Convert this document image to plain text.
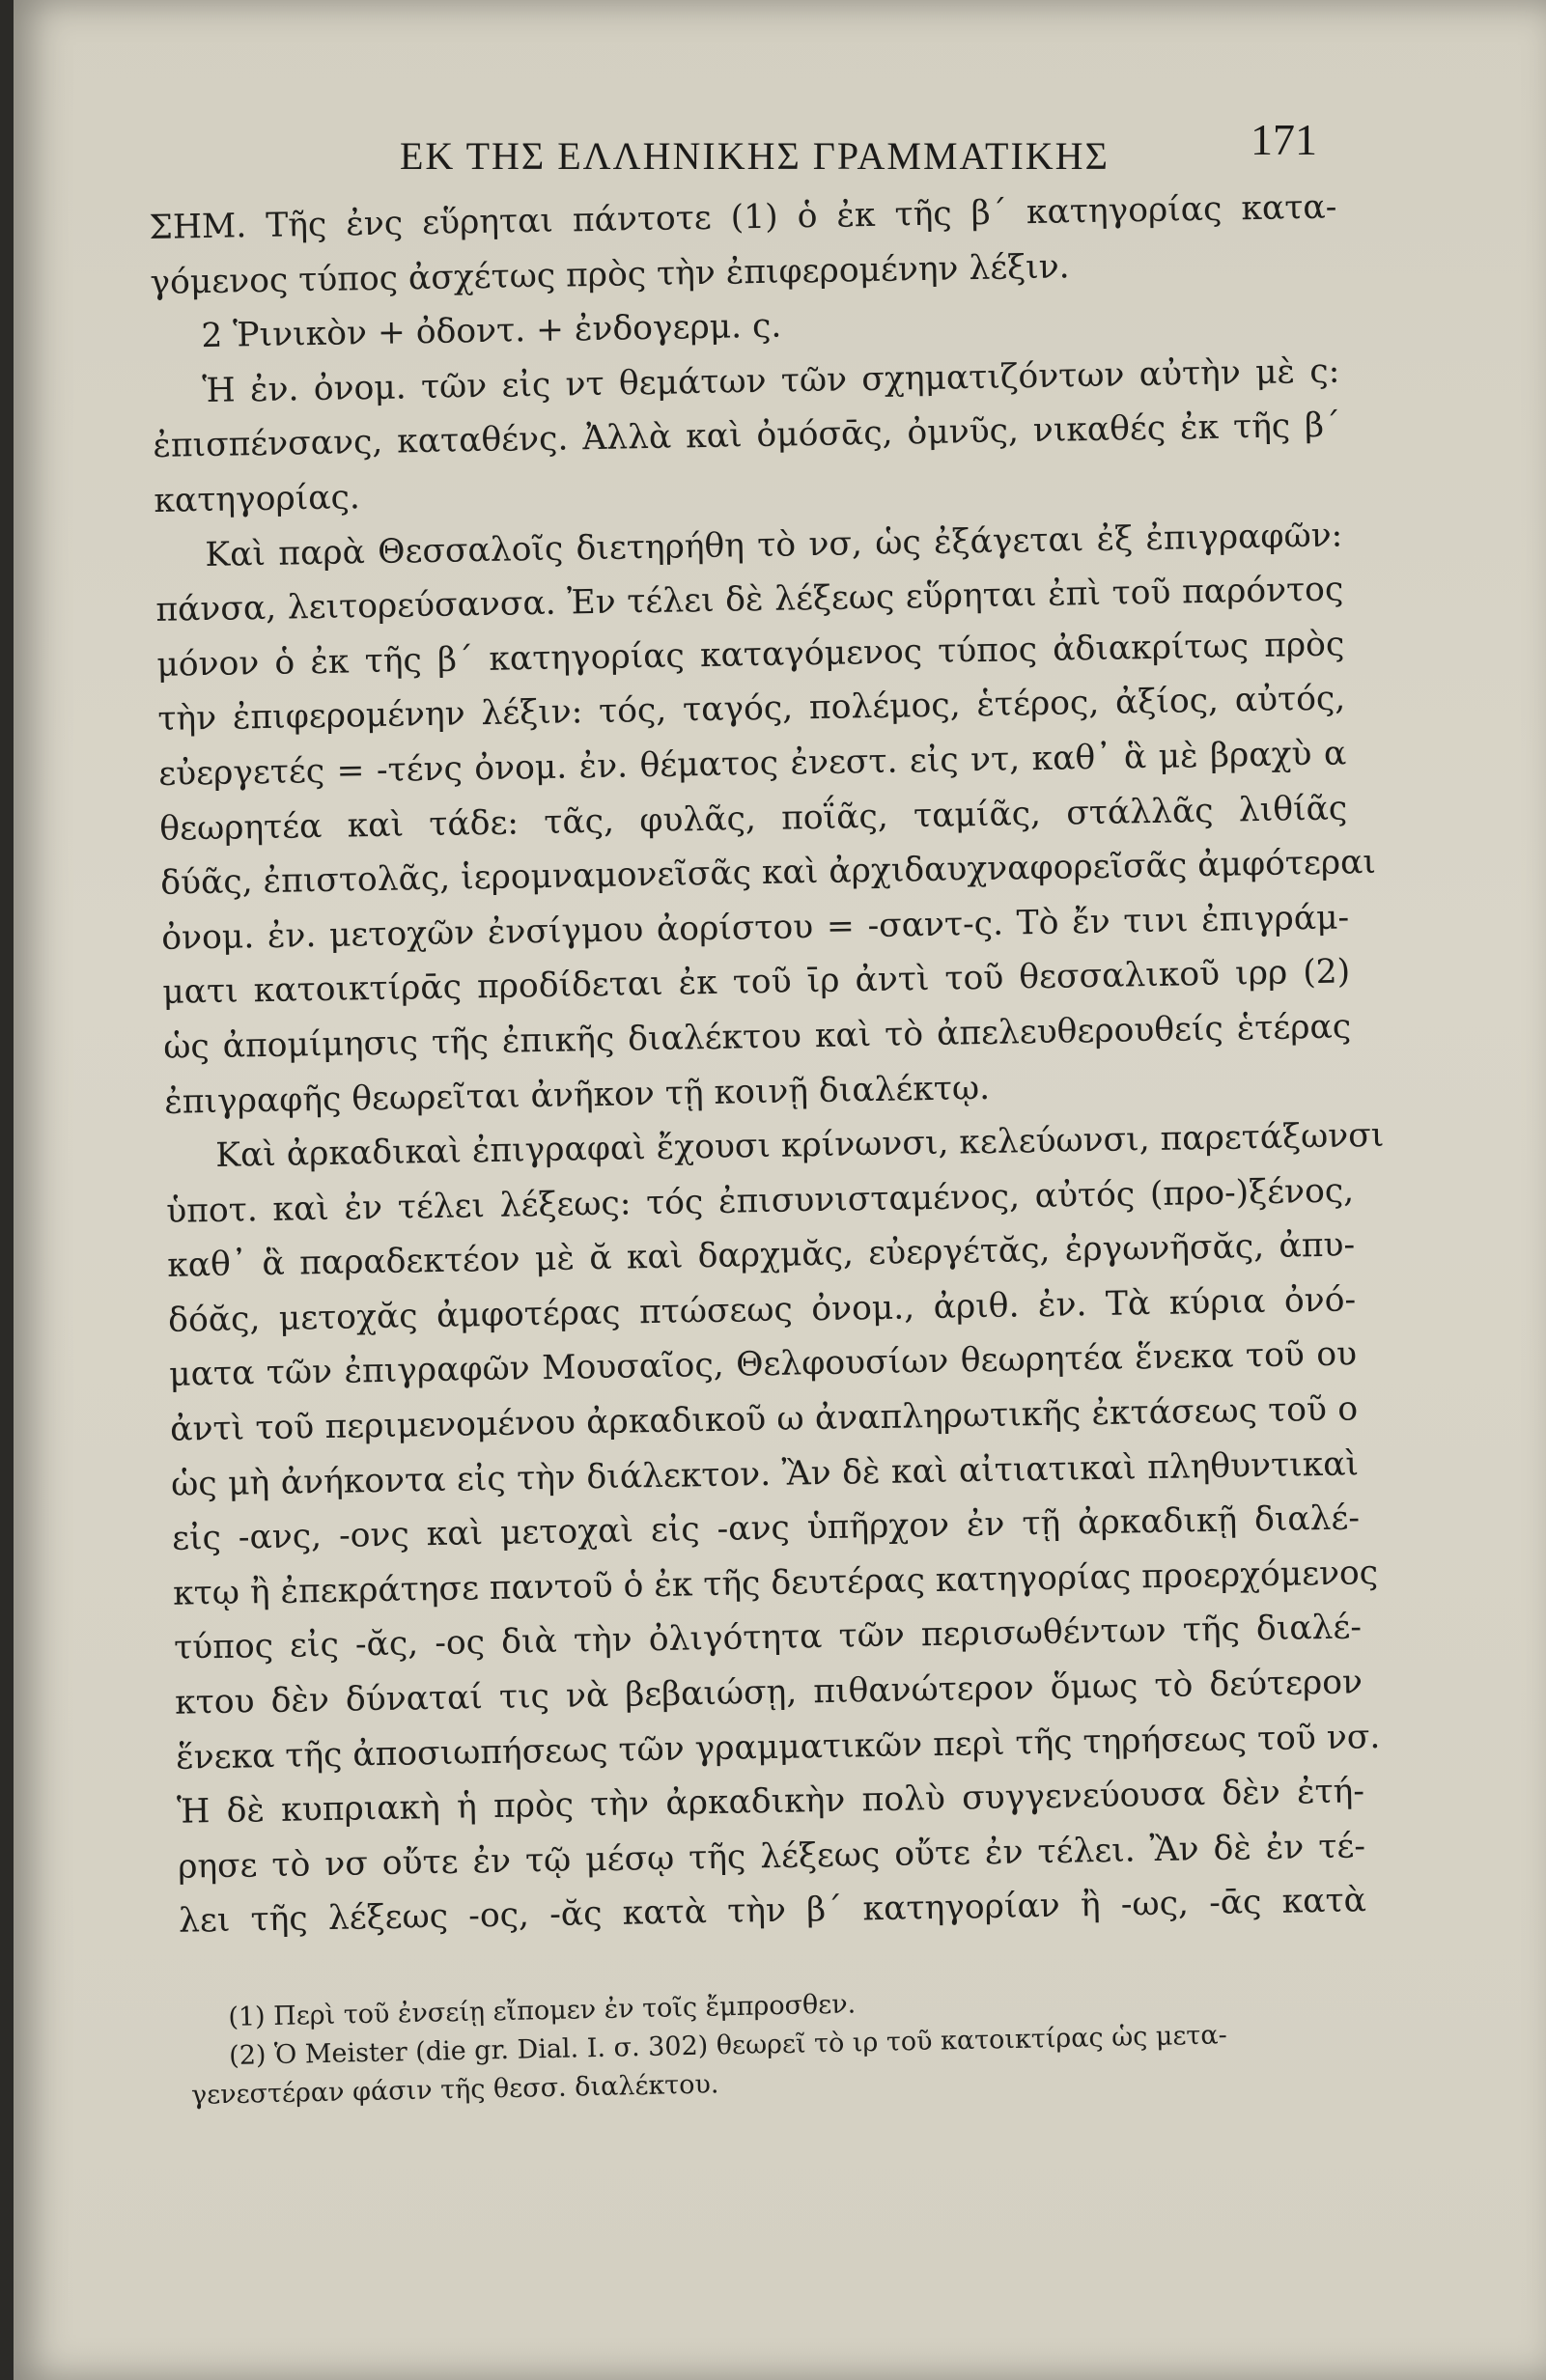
ΕΚ ΤΗΣ ΕΛΛΗΝΙΚΗΣ ΓΡΑΜΜΑΤΙΚΗΣ	171
ΣΗΜ. Τῆς ἐνς εὕρηται πάντοτε (1) ὁ ἐκ τῆς β΄ κατηγορίας κατα-
γόμενος τύπος ἀσχέτως πρὸς τὴν ἐπιφερομένην λέξιν.
2 Ῥινικὸν + ὀδοντ. + ἐνδογερμ. ς.
Ἡ ἐν. ὀνομ. τῶν εἰς ντ θεμάτων τῶν σχηματιζόντων αὐτὴν μὲ ς:
ἐπισπένσανς, καταθένς. Ἀλλὰ καὶ ὀμόσᾱς, ὀμνῦς, νικαθές ἐκ τῆς β΄
κατηγορίας.
Καὶ παρὰ Θεσσαλοῖς διετηρήθη τὸ νσ, ὡς ἐξάγεται ἐξ ἐπιγραφῶν:
πάνσα, λειτορεύσανσα. Ἐν τέλει δὲ λέξεως εὕρηται ἐπὶ τοῦ παρόντος
μόνον ὁ ἐκ τῆς β΄ κατηγορίας καταγόμενος τύπος ἀδιακρίτως πρὸς
τὴν ἐπιφερομένην λέξιν: τός, ταγός, πολέμος, ἑτέρος, ἀξίος, αὐτός,
εὐεργετές = -τένς ὀνομ. ἐν. θέματος ἐνεστ. εἰς ντ, καθ᾿ ἃ μὲ βραχὺ α
θεωρητέα καὶ τάδε: τᾶς, φυλᾶς, ποΐᾶς, ταμίᾶς, στάλλᾶς λιθίᾶς
δύᾶς, ἐπιστολᾶς, ἱερομναμονεῖσᾶς καὶ ἀρχιδαυχναφορεῖσᾶς ἀμφότεραι
ὀνομ. ἐν. μετοχῶν ἐνσίγμου ἀορίστου = -σαντ-ς. Τὸ ἔν τινι ἐπιγράμ-
ματι κατοικτίρᾱς προδίδεται ἐκ τοῦ ῑρ ἀντὶ τοῦ θεσσαλικοῦ ιρρ (2)
ὡς ἀπομίμησις τῆς ἐπικῆς διαλέκτου καὶ τὸ ἀπελευθερουθείς ἑτέρας
ἐπιγραφῆς θεωρεῖται ἀνῆκον τῇ κοινῇ διαλέκτῳ.
Καὶ ἀρκαδικαὶ ἐπιγραφαὶ ἔχουσι κρίνωνσι, κελεύωνσι, παρετάξωνσι
ὑποτ. καὶ ἐν τέλει λέξεως: τός ἐπισυνισταμένος, αὐτός (προ-)ξένος,
καθ᾿ ἃ παραδεκτέον μὲ ᾰ καὶ δαρχμᾰς, εὐεργέτᾰς, ἐργωνῆσᾰς, ἀπυ-
δόᾰς, μετοχᾰς ἀμφοτέρας πτώσεως ὀνομ., ἀριθ. ἐν. Τὰ κύρια ὀνό-
ματα τῶν ἐπιγραφῶν Μουσαῖος, Θελφουσίων θεωρητέα ἕνεκα τοῦ ου
ἀντὶ τοῦ περιμενομένου ἀρκαδικοῦ ω ἀναπληρωτικῆς ἐκτάσεως τοῦ ο
ὡς μὴ ἀνήκοντα εἰς τὴν διάλεκτον. Ἂν δὲ καὶ αἰτιατικαὶ πληθυντικαὶ
εἰς -ανς, -ονς καὶ μετοχαὶ εἰς -ανς ὑπῆρχον ἐν τῇ ἀρκαδικῇ διαλέ-
κτῳ ἢ ἐπεκράτησε παντοῦ ὁ ἐκ τῆς δευτέρας κατηγορίας προερχόμενος
τύπος εἰς -ᾰς, -ος διὰ τὴν ὀλιγότητα τῶν περισωθέντων τῆς διαλέ-
κτου δὲν δύναταί τις νὰ βεβαιώσῃ, πιθανώτερον ὅμως τὸ δεύτερον
ἕνεκα τῆς ἀποσιωπήσεως τῶν γραμματικῶν περὶ τῆς τηρήσεως τοῦ νσ.
Ἡ δὲ κυπριακὴ ἡ πρὸς τὴν ἀρκαδικὴν πολὺ συγγενεύουσα δὲν ἐτή-
ρησε τὸ νσ οὔτε ἐν τῷ μέσῳ τῆς λέξεως οὔτε ἐν τέλει. Ἂν δὲ ἐν τέ-
λει τῆς λέξεως -ος, -ᾰς κατὰ τὴν β΄ κατηγορίαν ἢ -ως, -ᾱς κατὰ
(1) Περὶ τοῦ ἐνσείῃ εἴπομεν ἐν τοῖς ἔμπροσθεν.
(2) Ὁ Meister (die gr. Dial. I. σ. 302) θεωρεῖ τὸ ιρ τοῦ κατοικτίρας ὡς μετα-
γενεστέραν φάσιν τῆς θεσσ. διαλέκτου.
